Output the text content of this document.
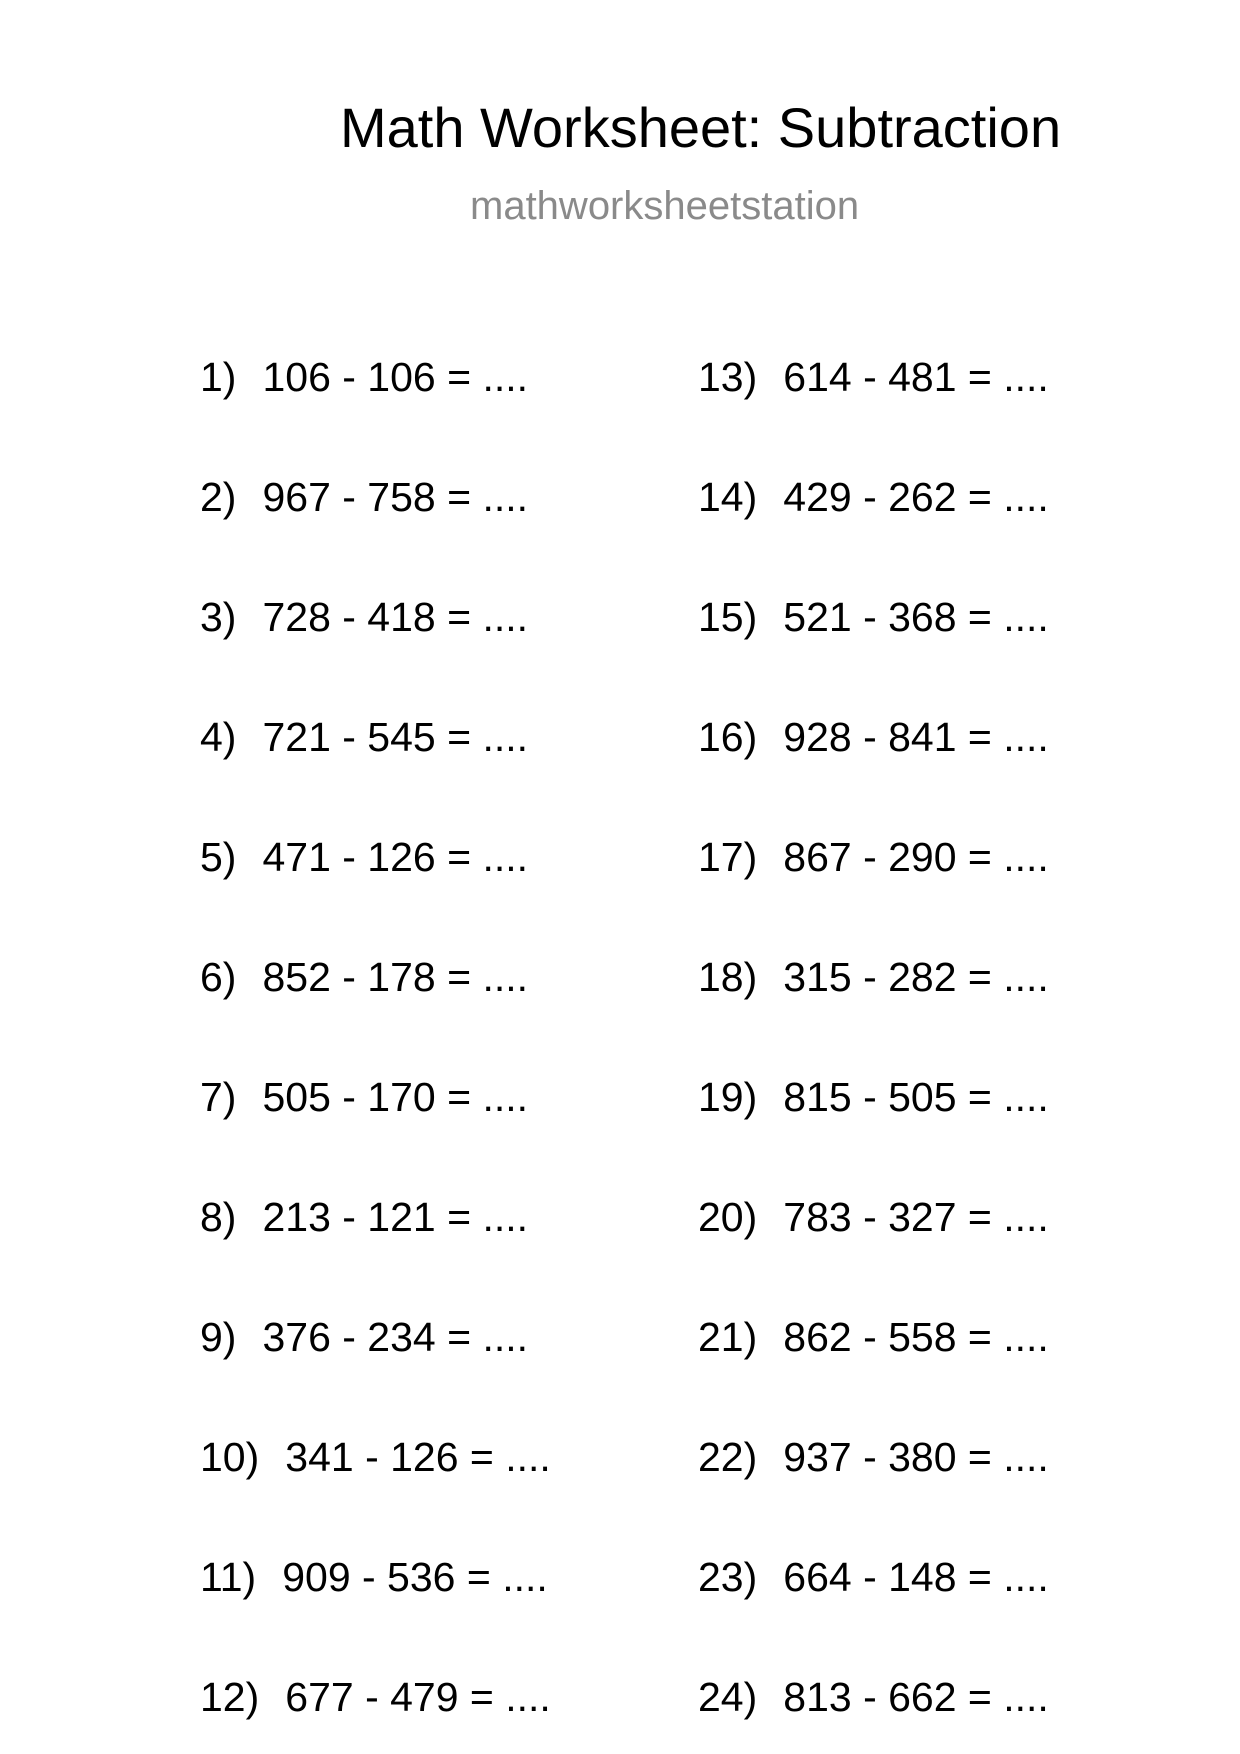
Math Worksheet: Subtraction
mathworksheetstation
1) 106 - 106 = ....
2) 967 - 758 = ....
3) 728 - 418 = ....
4) 721 - 545 = ....
5) 471 - 126 = ....
6) 852 - 178 = ....
7) 505 - 170 = ....
8) 213 - 121 = ....
9) 376 - 234 = ....
10) 341 - 126 = ....
11) 909 - 536 = ....
12) 677 - 479 = ....
13) 614 - 481 = ....
14) 429 - 262 = ....
15) 521 - 368 = ....
16) 928 - 841 = ....
17) 867 - 290 = ....
18) 315 - 282 = ....
19) 815 - 505 = ....
20) 783 - 327 = ....
21) 862 - 558 = ....
22) 937 - 380 = ....
23) 664 - 148 = ....
24) 813 - 662 = ....
